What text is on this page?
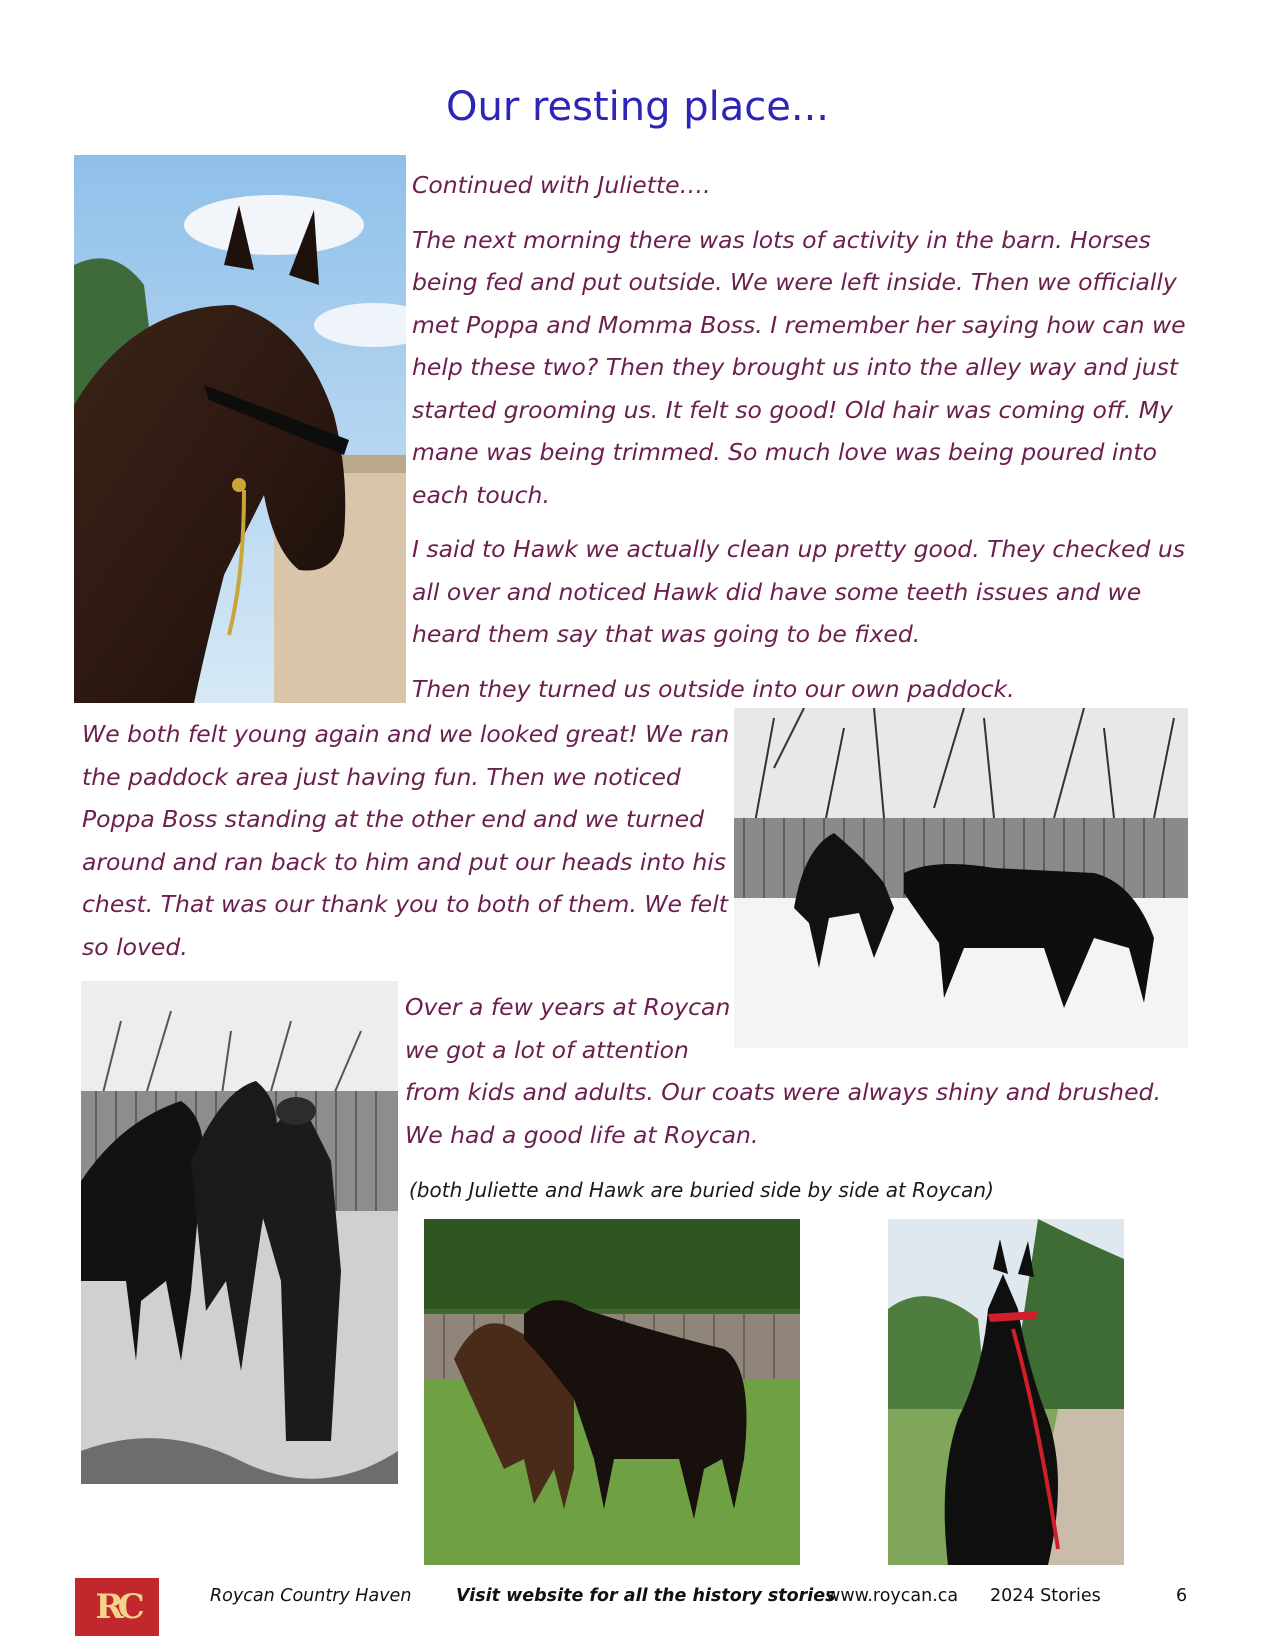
Our resting place...

Continued with Juliette….

The next morning there was lots of activity in the barn. Horses
being fed and put outside. We were left inside. Then we officially
met Poppa and Momma Boss. I remember her saying how can we
help these two? Then they brought us into the alley way and just
started grooming us. It felt so good! Old hair was coming off. My
mane was being trimmed. So much love was being poured into
each touch.

I said to Hawk we actually clean up pretty good. They checked us
all over and noticed Hawk did have some teeth issues and we
heard them say that was going to be fixed.

Then they turned us outside into our own paddock.

We both felt young again and we looked great! We ran
the paddock area just having fun. Then we noticed
Poppa Boss standing at the other end and we turned
around and ran back to him and put our heads into his
chest. That was our thank you to both of them. We felt
so loved.
Over a few years at Roycan
we got a lot of attention
from kids and adults. Our coats were always shiny and brushed.
We had a good life at Roycan.
(both Juliette and Hawk are buried side by side at Roycan)
RC	Roycan Country Haven	Visit website for all the history stories
www.roycan.ca 2024 Stories	6
